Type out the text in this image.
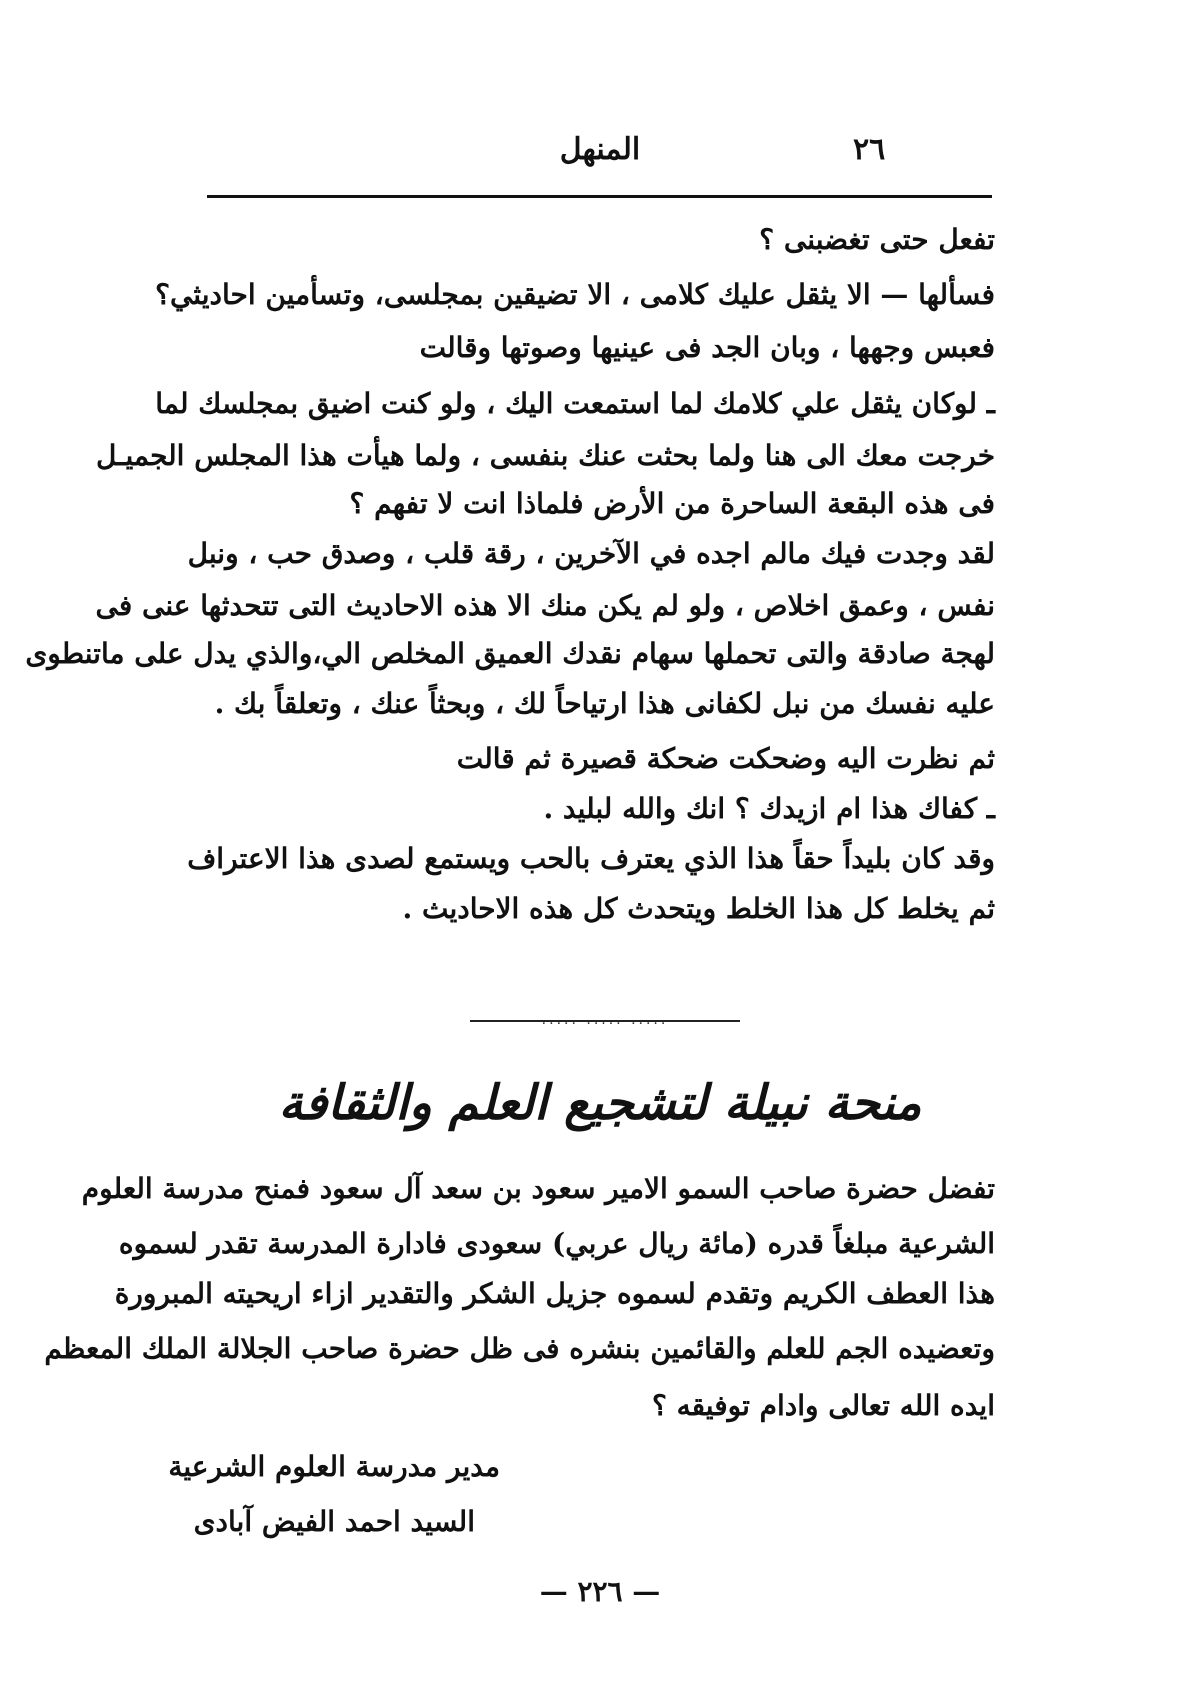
٢٦
المنهل
تفعل حتى تغضبنى ؟
فسألها — الا يثقل عليك كلامى ، الا تضيقين بمجلسى، وتسأمين احاديثي؟
فعبس وجهها ، وبان الجد فى عينيها وصوتها وقالت
ـ لوكان يثقل علي كلامك لما استمعت اليك ، ولو كنت اضيق بمجلسك لما
خرجت معك الى هنا ولما بحثت عنك بنفسى ، ولما هيأت هذا المجلس الجميـل
فى هذه البقعة الساحرة من الأرض فلماذا انت لا تفهم ؟
لقد وجدت فيك مالم اجده في الآخرين ، رقة قلب ، وصدق حب ، ونبل
نفس ، وعمق اخلاص ، ولو لم يكن منك الا هذه الاحاديث التى تتحدثها عنى فى
لهجة صادقة والتى تحملها سهام نقدك العميق المخلص الي،والذي يدل على ماتنطوى
عليه نفسك من نبل لكفانى هذا ارتياحاً لك ، وبحثاً عنك ، وتعلقاً بك .
ثم نظرت اليه وضحكت ضحكة قصيرة ثم قالت
ـ كفاك هذا ام ازيدك ؟ انك والله لبليد .
وقد كان بليداً حقاً هذا الذي يعترف بالحب ويستمع لصدى هذا الاعتراف
ثم يخلط كل هذا الخلط ويتحدث كل هذه الاحاديث .
..... ..... .....
منحة نبيلة لتشجيع العلم والثقافة
تفضل حضرة صاحب السمو الامير سعود بن سعد آل سعود فمنح مدرسة العلوم
الشرعية مبلغاً قدره (مائة ريال عربي) سعودى فادارة المدرسة تقدر لسموه
هذا العطف الكريم وتقدم لسموه جزيل الشكر والتقدير ازاء اريحيته المبرورة
وتعضيده الجم للعلم والقائمين بنشره فى ظل حضرة صاحب الجلالة الملك المعظم
ايده الله تعالى وادام توفيقه ؟
مدير مدرسة العلوم الشرعية
السيد احمد الفيض آبادى
— ٢٢٦ —
